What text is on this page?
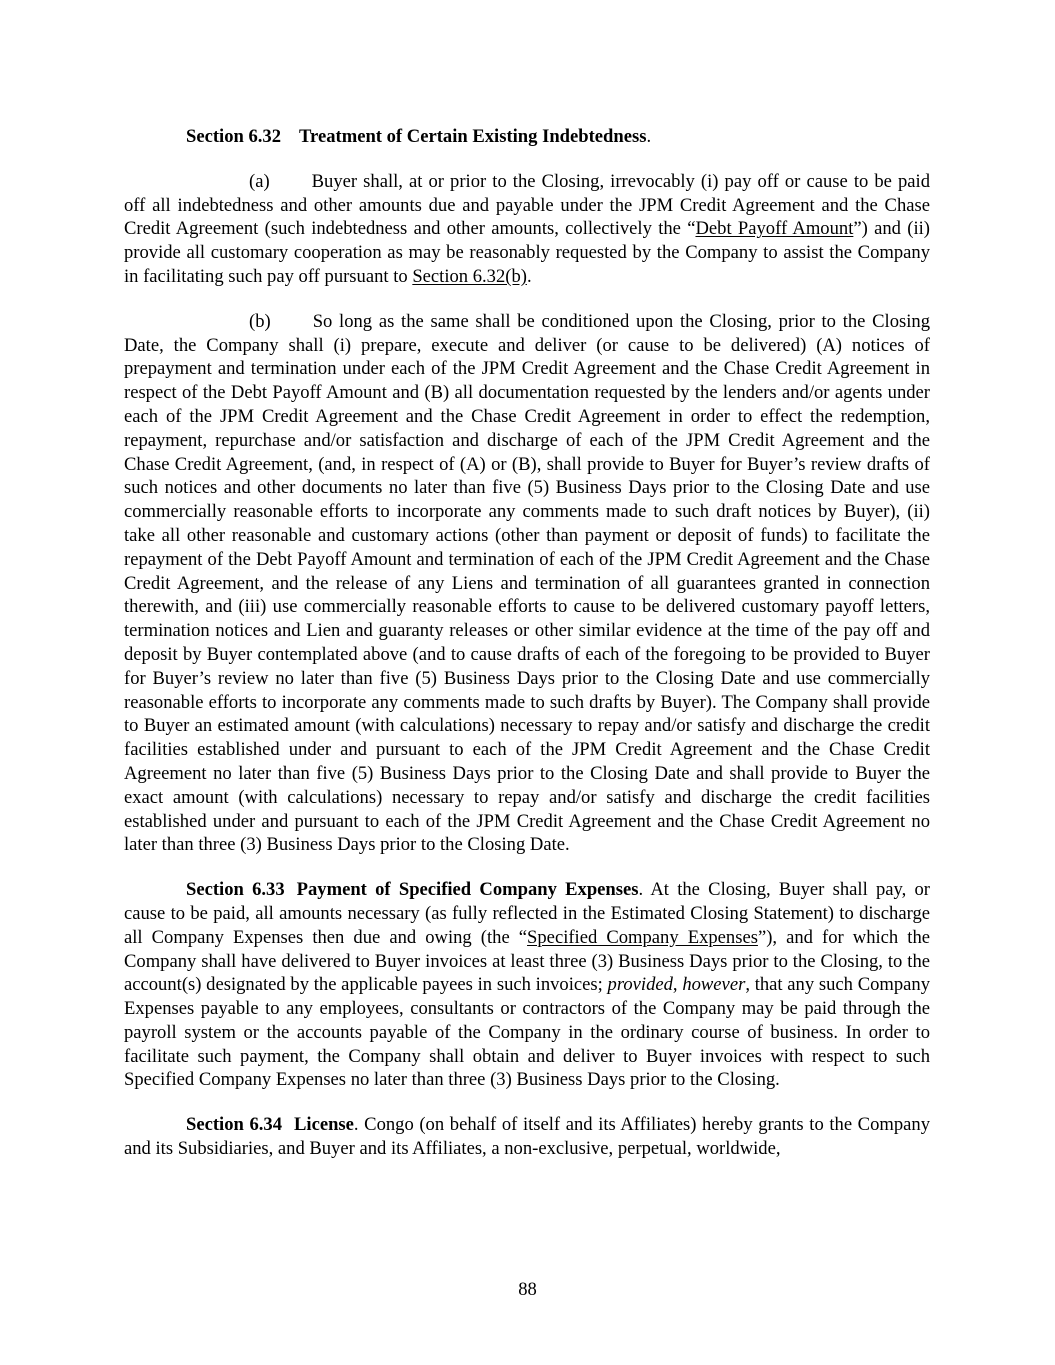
Section 6.32 Treatment of Certain Existing Indebtedness.

(a) Buyer shall, at or prior to the Closing, irrevocably (i) pay off or cause to be paid off all indebtedness and other amounts due and payable under the JPM Credit Agreement and the Chase Credit Agreement (such indebtedness and other amounts, collectively the “Debt Payoff Amount”) and (ii) provide all customary cooperation as may be reasonably requested by the Company to assist the Company in facilitating such pay off pursuant to Section 6.32(b).

(b) So long as the same shall be conditioned upon the Closing, prior to the Closing Date, the Company shall (i) prepare, execute and deliver (or cause to be delivered) (A) notices of prepayment and termination under each of the JPM Credit Agreement and the Chase Credit Agreement in respect of the Debt Payoff Amount and (B) all documentation requested by the lenders and/or agents under each of the JPM Credit Agreement and the Chase Credit Agreement in order to effect the redemption, repayment, repurchase and/or satisfaction and discharge of each of the JPM Credit Agreement and the Chase Credit Agreement, (and, in respect of (A) or (B), shall provide to Buyer for Buyer’s review drafts of such notices and other documents no later than five (5) Business Days prior to the Closing Date and use commercially reasonable efforts to incorporate any comments made to such draft notices by Buyer), (ii) take all other reasonable and customary actions (other than payment or deposit of funds) to facilitate the repayment of the Debt Payoff Amount and termination of each of the JPM Credit Agreement and the Chase Credit Agreement, and the release of any Liens and termination of all guarantees granted in connection therewith, and (iii) use commercially reasonable efforts to cause to be delivered customary payoff letters, termination notices and Lien and guaranty releases or other similar evidence at the time of the pay off and deposit by Buyer contemplated above (and to cause drafts of each of the foregoing to be provided to Buyer for Buyer’s review no later than five (5) Business Days prior to the Closing Date and use commercially reasonable efforts to incorporate any comments made to such drafts by Buyer). The Company shall provide to Buyer an estimated amount (with calculations) necessary to repay and/or satisfy and discharge the credit facilities established under and pursuant to each of the JPM Credit Agreement and the Chase Credit Agreement no later than five (5) Business Days prior to the Closing Date and shall provide to Buyer the exact amount (with calculations) necessary to repay and/or satisfy and discharge the credit facilities established under and pursuant to each of the JPM Credit Agreement and the Chase Credit Agreement no later than three (3) Business Days prior to the Closing Date.

Section 6.33 Payment of Specified Company Expenses. At the Closing, Buyer shall pay, or cause to be paid, all amounts necessary (as fully reflected in the Estimated Closing Statement) to discharge all Company Expenses then due and owing (the “Specified Company Expenses”), and for which the Company shall have delivered to Buyer invoices at least three (3) Business Days prior to the Closing, to the account(s) designated by the applicable payees in such invoices; provided, however, that any such Company Expenses payable to any employees, consultants or contractors of the Company may be paid through the payroll system or the accounts payable of the Company in the ordinary course of business. In order to facilitate such payment, the Company shall obtain and deliver to Buyer invoices with respect to such Specified Company Expenses no later than three (3) Business Days prior to the Closing.

Section 6.34 License. Congo (on behalf of itself and its Affiliates) hereby grants to the Company and its Subsidiaries, and Buyer and its Affiliates, a non-exclusive, perpetual, worldwide,

88
